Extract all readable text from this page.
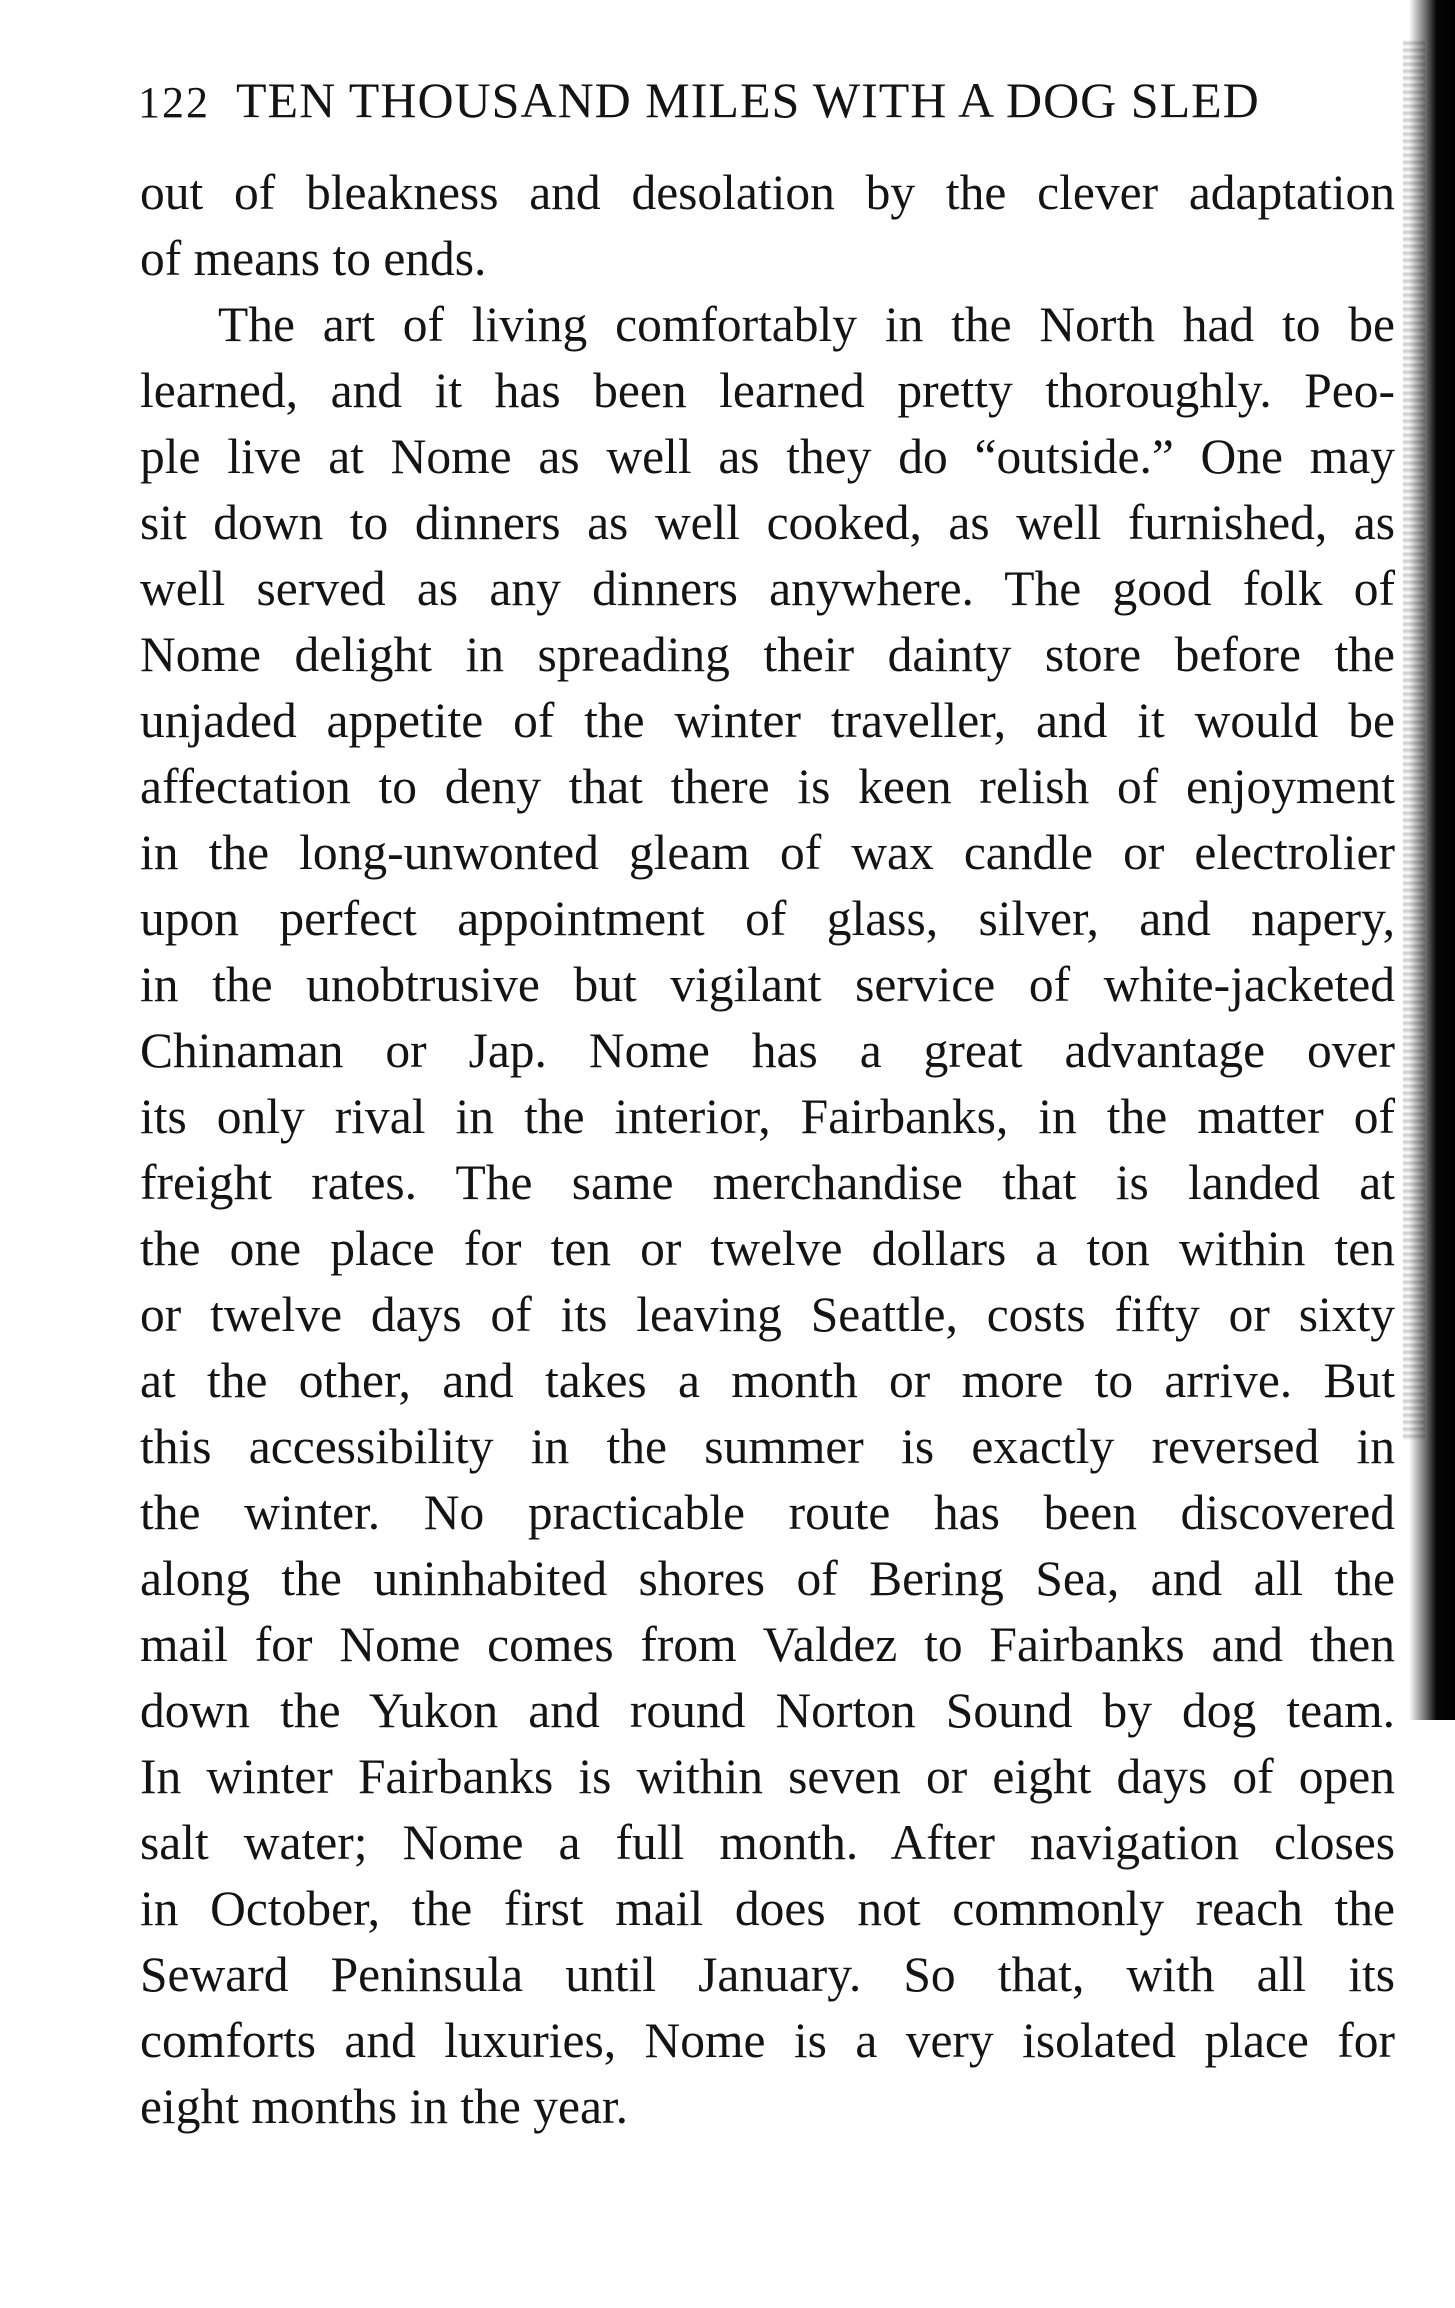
122 TEN THOUSAND MILES WITH A DOG SLED
out of bleakness and desolation by the clever adaptation
of means to ends.
The art of living comfortably in the North had to be
learned, and it has been learned pretty thoroughly. Peo-
ple live at Nome as well as they do “outside.” One may
sit down to dinners as well cooked, as well furnished, as
well served as any dinners anywhere. The good folk of
Nome delight in spreading their dainty store before the
unjaded appetite of the winter traveller, and it would be
affectation to deny that there is keen relish of enjoyment
in the long-unwonted gleam of wax candle or electrolier
upon perfect appointment of glass, silver, and napery,
in the unobtrusive but vigilant service of white-jacketed
Chinaman or Jap. Nome has a great advantage over
its only rival in the interior, Fairbanks, in the matter of
freight rates. The same merchandise that is landed at
the one place for ten or twelve dollars a ton within ten
or twelve days of its leaving Seattle, costs fifty or sixty
at the other, and takes a month or more to arrive. But
this accessibility in the summer is exactly reversed in
the winter. No practicable route has been discovered
along the uninhabited shores of Bering Sea, and all the
mail for Nome comes from Valdez to Fairbanks and then
down the Yukon and round Norton Sound by dog team.
In winter Fairbanks is within seven or eight days of open
salt water; Nome a full month. After navigation closes
in October, the first mail does not commonly reach the
Seward Peninsula until January. So that, with all its
comforts and luxuries, Nome is a very isolated place for
eight months in the year.
